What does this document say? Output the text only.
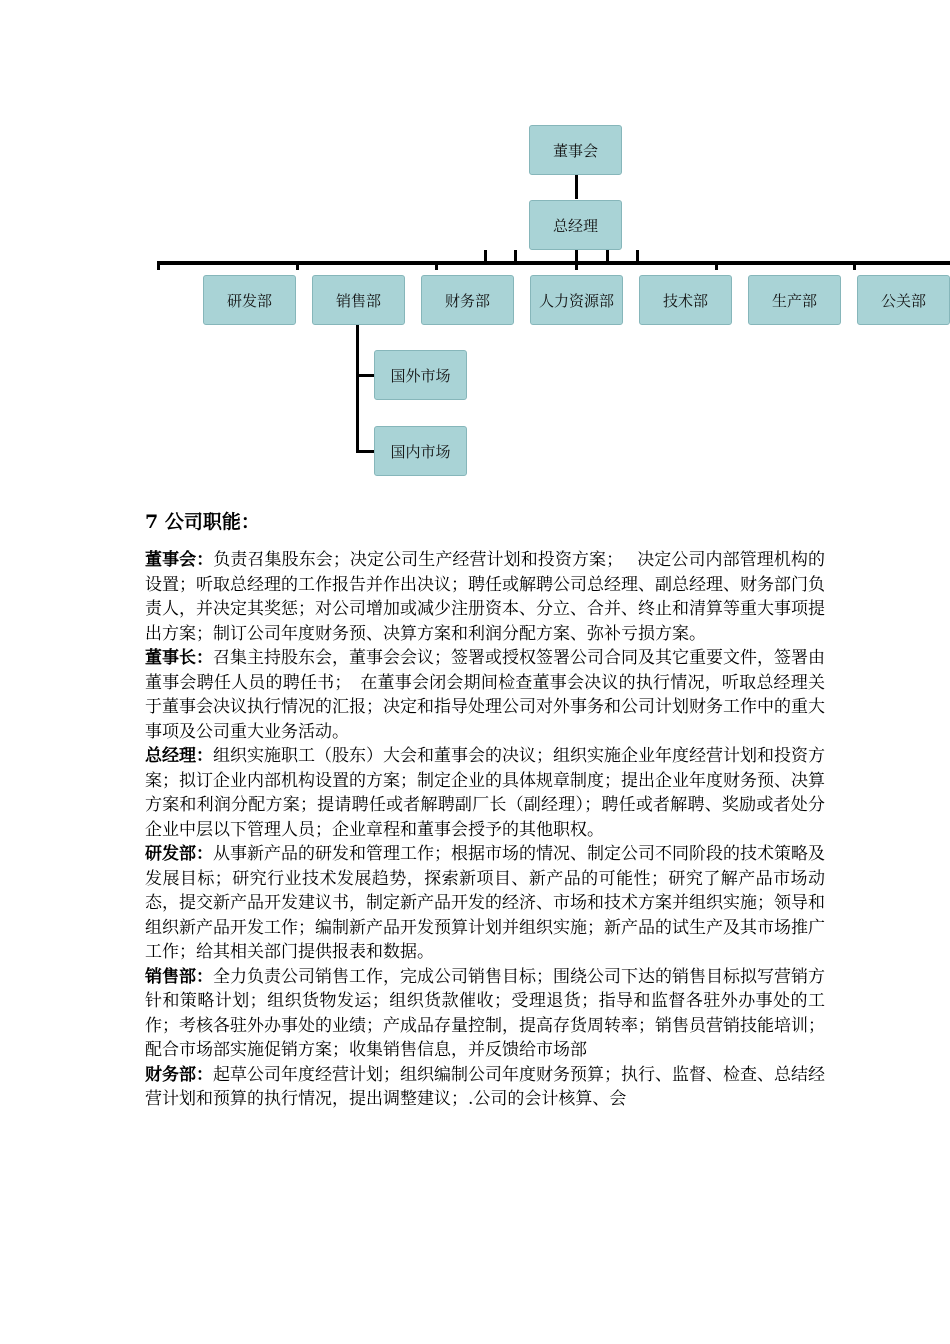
董事会
总经理
研发部	销售部	财务部	人力资源部	技术部	生产部	公关部
国外市场
国内市场
7 公司职能：

董事会：负责召集股东会；决定公司生产经营计划和投资方案；　 决定公司内部管理机构的设置；听取总经理的工作报告并作出决议；聘任或解聘公司总经理、副总经理、财务部门负责人，并决定其奖惩；对公司增加或减少注册资本、分立、合并、终止和清算等重大事项提出方案；制订公司年度财务预、决算方案和利润分配方案、弥补亏损方案。

董事长：召集主持股东会，董事会会议；签署或授权签署公司合同及其它重要文件，签署由董事会聘任人员的聘任书；　在董事会闭会期间检查董事会决议的执行情况，听取总经理关于董事会决议执行情况的汇报；决定和指导处理公司对外事务和公司计划财务工作中的重大事项及公司重大业务活动。

总经理：组织实施职工（股东）大会和董事会的决议；组织实施企业年度经营计划和投资方案；拟订企业内部机构设置的方案；制定企业的具体规章制度；提出企业年度财务预、决算方案和利润分配方案；提请聘任或者解聘副厂长（副经理）；聘任或者解聘、奖励或者处分企业中层以下管理人员；企业章程和董事会授予的其他职权。

研发部：从事新产品的研发和管理工作；根据市场的情况、制定公司不同阶段的技术策略及发展目标；研究行业技术发展趋势，探索新项目、新产品的可能性；研究了解产品市场动态，提交新产品开发建议书，制定新产品开发的经济、市场和技术方案并组织实施；领导和组织新产品开发工作；编制新产品开发预算计划并组织实施；新产品的试生产及其市场推广工作；给其相关部门提供报表和数据。

销售部：全力负责公司销售工作，完成公司销售目标；围绕公司下达的销售目标拟写营销方针和策略计划；组织货物发运；组织货款催收；受理退货；指导和监督各驻外办事处的工作；考核各驻外办事处的业绩；产成品存量控制，提高存货周转率；销售员营销技能培训；配合市场部实施促销方案；收集销售信息，并反馈给市场部

财务部：起草公司年度经营计划；组织编制公司年度财务预算；执行、监督、检查、总结经营计划和预算的执行情况，提出调整建议；.公司的会计核算、会
